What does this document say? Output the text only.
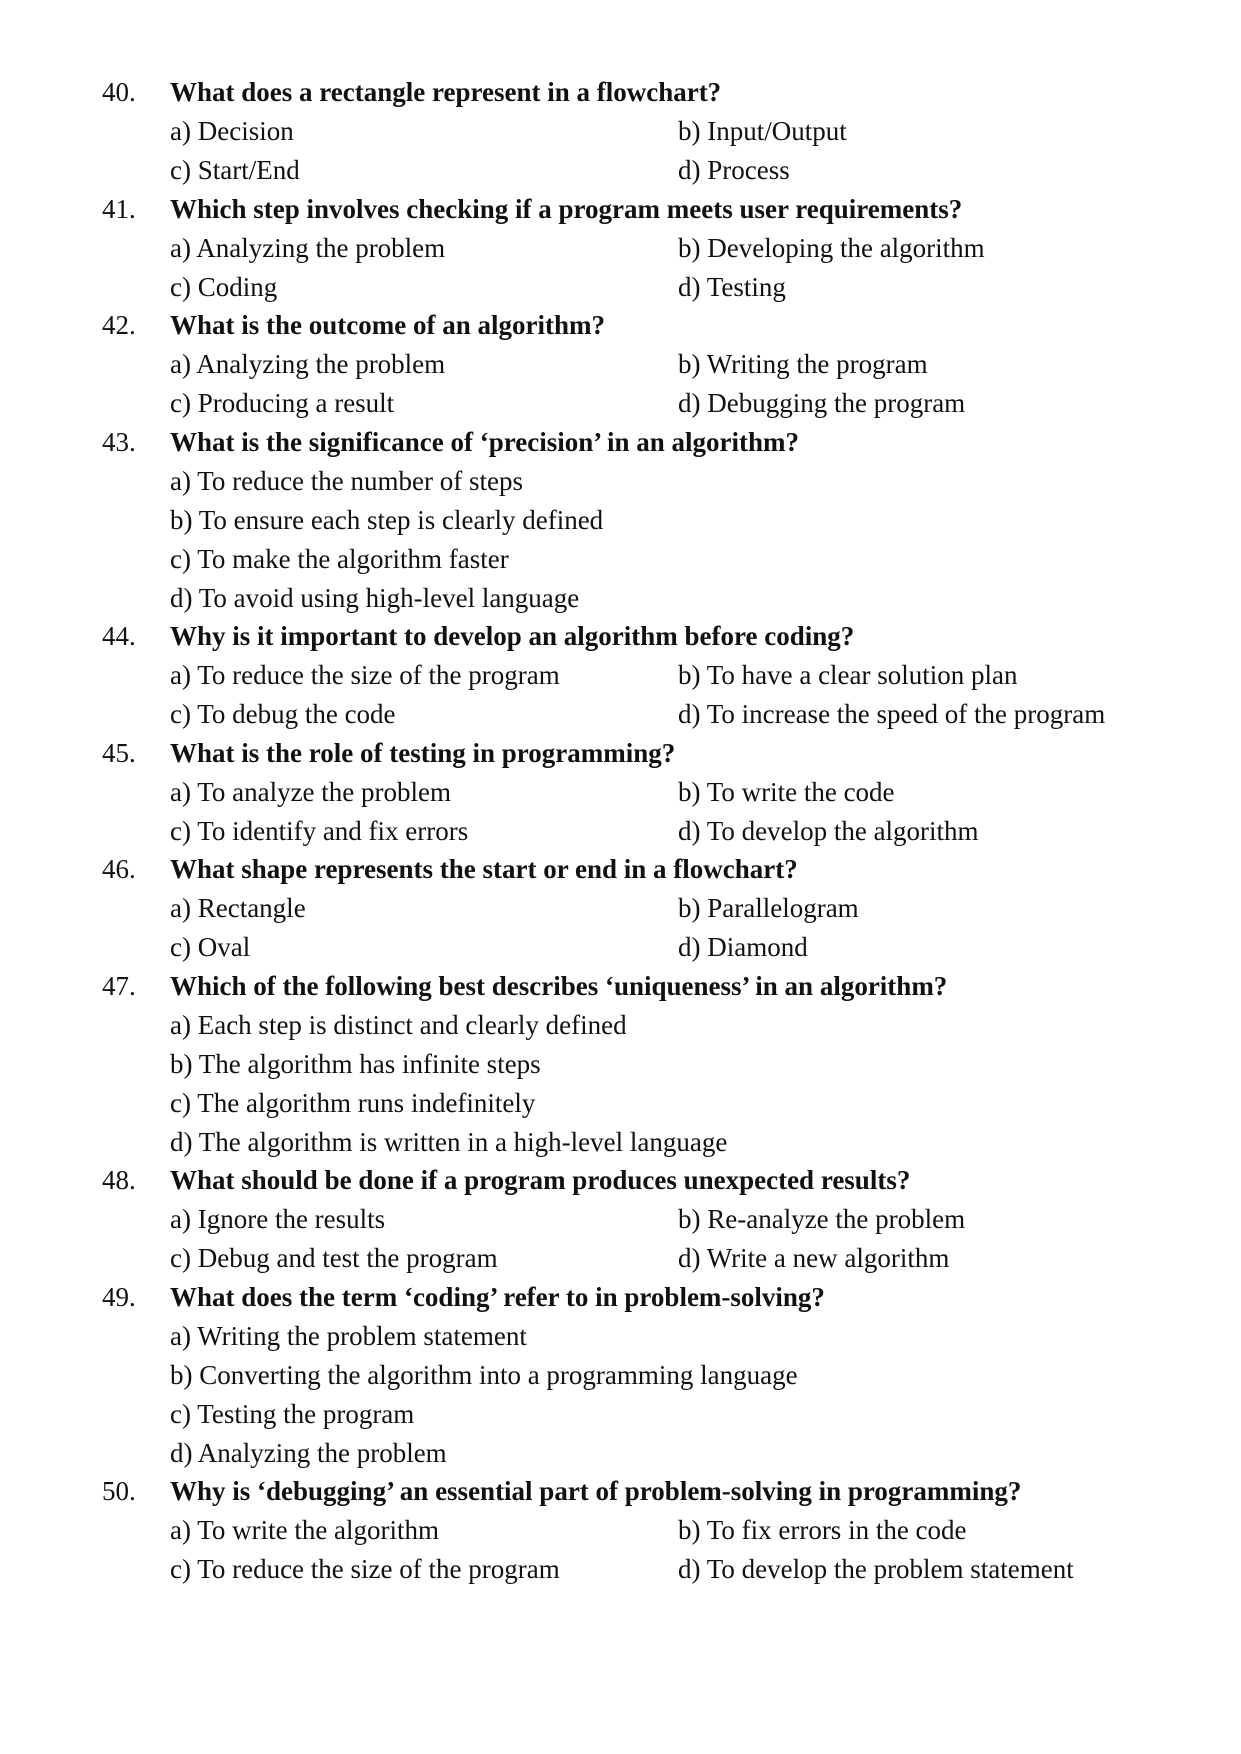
40. What does a rectangle represent in a flowchart?
a) Decision	b) Input/Output
c) Start/End	d) Process
41. Which step involves checking if a program meets user requirements?
a) Analyzing the problem	b) Developing the algorithm
c) Coding	d) Testing
42. What is the outcome of an algorithm?
a) Analyzing the problem	b) Writing the program
c) Producing a result	d) Debugging the program
43. What is the significance of ‘precision’ in an algorithm?
a) To reduce the number of steps
b) To ensure each step is clearly defined
c) To make the algorithm faster
d) To avoid using high-level language
44. Why is it important to develop an algorithm before coding?
a) To reduce the size of the program	b) To have a clear solution plan
c) To debug the code	d) To increase the speed of the program
45. What is the role of testing in programming?
a) To analyze the problem	b) To write the code
c) To identify and fix errors	d) To develop the algorithm
46. What shape represents the start or end in a flowchart?
a) Rectangle	b) Parallelogram
c) Oval	d) Diamond
47. Which of the following best describes ‘uniqueness’ in an algorithm?
a) Each step is distinct and clearly defined
b) The algorithm has infinite steps
c) The algorithm runs indefinitely
d) The algorithm is written in a high-level language
48. What should be done if a program produces unexpected results?
a) Ignore the results	b) Re-analyze the problem
c) Debug and test the program	d) Write a new algorithm
49. What does the term ‘coding’ refer to in problem-solving?
a) Writing the problem statement
b) Converting the algorithm into a programming language
c) Testing the program
d) Analyzing the problem
50. Why is ‘debugging’ an essential part of problem-solving in programming?
a) To write the algorithm	b) To fix errors in the code
c) To reduce the size of the program	d) To develop the problem statement
